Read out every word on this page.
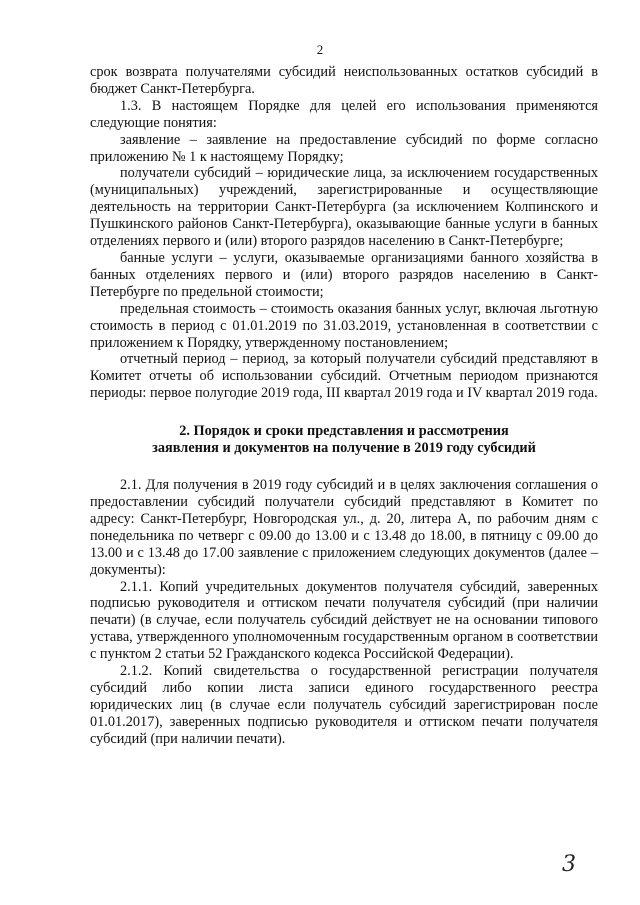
2

срок возврата получателями субсидий неиспользованных остатков субсидий в бюджет Санкт-Петербурга.

1.3. В настоящем Порядке для целей его использования применяются следующие понятия:

заявление – заявление на предоставление субсидий по форме согласно приложению № 1 к настоящему Порядку;

получатели субсидий – юридические лица, за исключением государственных (муниципальных) учреждений, зарегистрированные и осуществляющие деятельность на территории Санкт-Петербурга (за исключением Колпинского и Пушкинского районов Санкт-Петербурга), оказывающие банные услуги в банных отделениях первого и (или) второго разрядов населению в Санкт-Петербурге;

банные услуги – услуги, оказываемые организациями банного хозяйства в банных отделениях первого и (или) второго разрядов населению в Санкт-Петербурге по предельной стоимости;

предельная стоимость – стоимость оказания банных услуг, включая льготную стоимость в период с 01.01.2019 по 31.03.2019, установленная в соответствии с приложением к Порядку, утвержденному постановлением;

отчетный период – период, за который получатели субсидий представляют в Комитет отчеты об использовании субсидий. Отчетным периодом признаются периоды: первое полугодие 2019 года, III квартал 2019 года и IV квартал 2019 года.

2. Порядок и сроки представления и рассмотрения
заявления и документов на получение в 2019 году субсидий

2.1. Для получения в 2019 году субсидий и в целях заключения соглашения о предоставлении субсидий получатели субсидий представляют в Комитет по адресу: Санкт-Петербург, Новгородская ул., д. 20, литера А, по рабочим дням с понедельника по четверг с 09.00 до 13.00 и с 13.48 до 18.00, в пятницу с 09.00 до 13.00 и с 13.48 до 17.00 заявление с приложением следующих документов (далее – документы):

2.1.1. Копий учредительных документов получателя субсидий, заверенных подписью руководителя и оттиском печати получателя субсидий (при наличии печати) (в случае, если получатель субсидий действует не на основании типового устава, утвержденного уполномоченным государственным органом в соответствии с пунктом 2 статьи 52 Гражданского кодекса Российской Федерации).

2.1.2. Копий свидетельства о государственной регистрации получателя субсидий либо копии листа записи единого государственного реестра юридических лиц (в случае если получатель субсидий зарегистрирован после 01.01.2017), заверенных подписью руководителя и оттиском печати получателя субсидий (при наличии печати).

3
